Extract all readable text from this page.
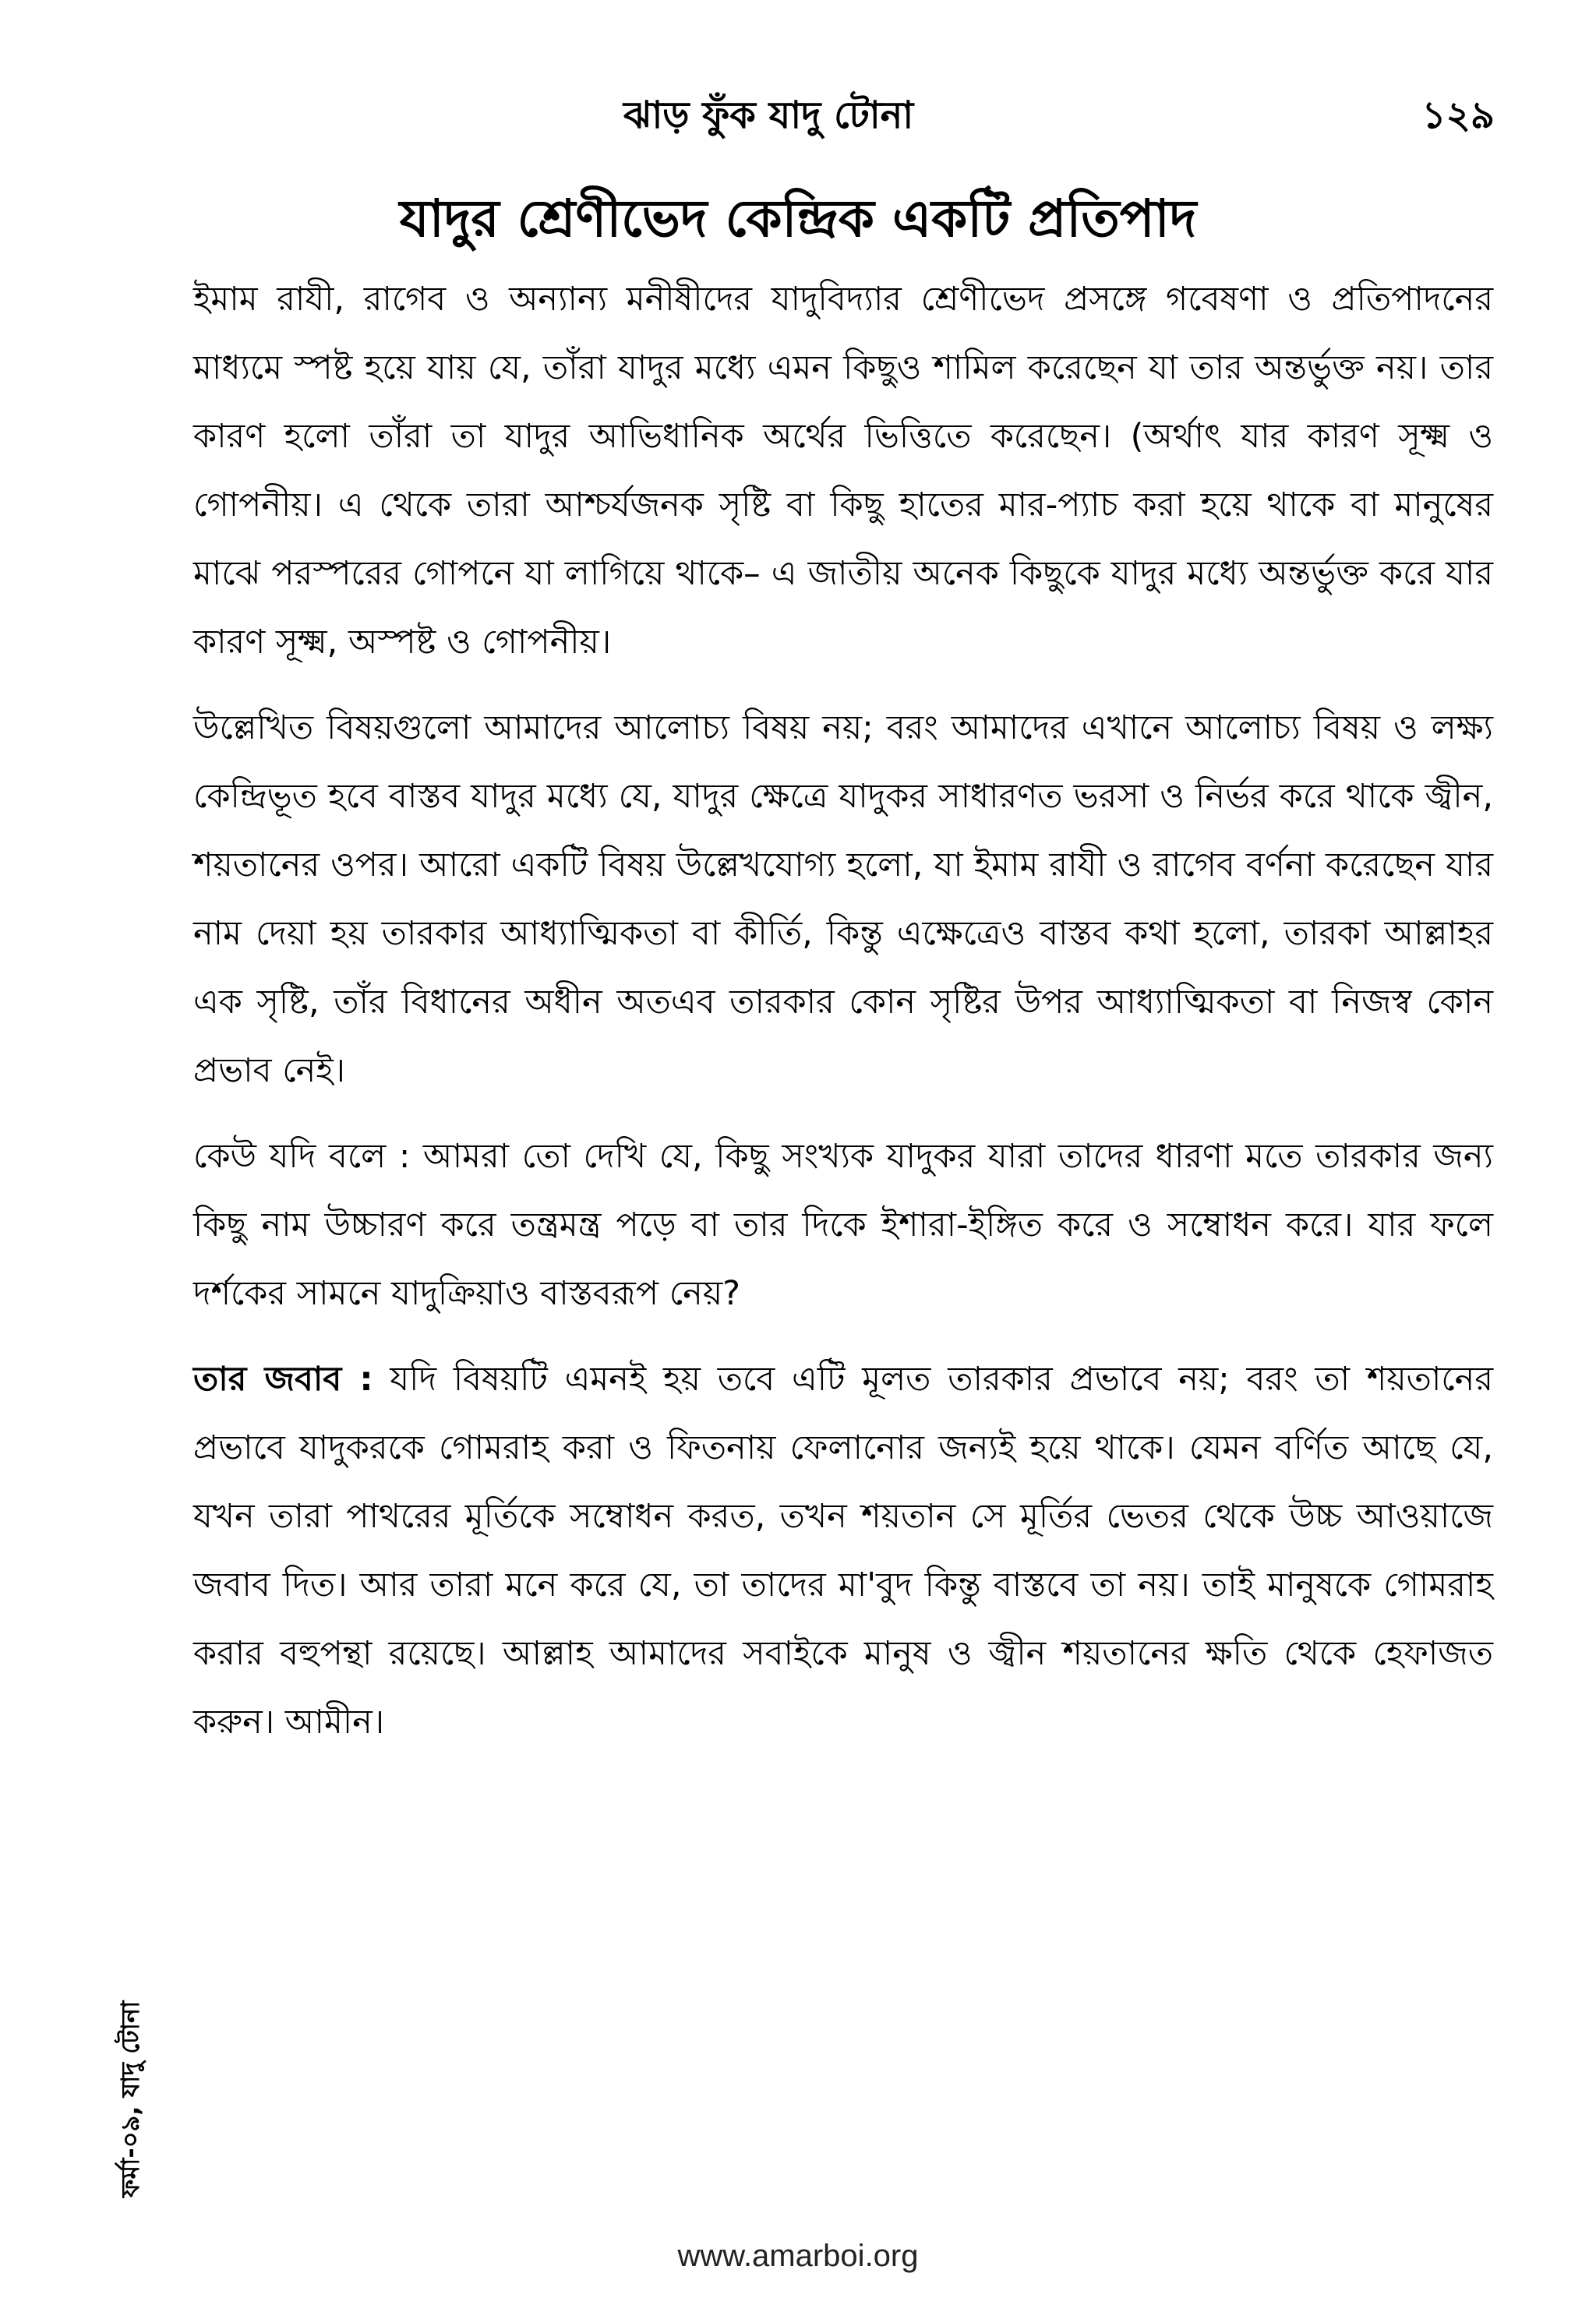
ঝাড় ফুঁক যাদু টোনা	১২৯
যাদুর শ্রেণীভেদ কেন্দ্রিক একটি প্রতিপাদ

ইমাম রাযী, রাগেব ও অন্যান্য মনীষীদের যাদুবিদ্যার শ্রেণীভেদ প্রসঙ্গে গবেষণা ও প্রতিপাদনের মাধ্যমে স্পষ্ট হয়ে যায় যে, তাঁরা যাদুর মধ্যে এমন কিছুও শামিল করেছেন যা তার অন্তর্ভুক্ত নয়। তার কারণ হলো তাঁরা তা যাদুর আভিধানিক অর্থের ভিত্তিতে করেছেন। (অর্থাৎ যার কারণ সূক্ষ্ম ও গোপনীয়। এ থেকে তারা আশ্চর্যজনক সৃষ্টি বা কিছু হাতের মার-প্যাচ করা হয়ে থাকে বা মানুষের মাঝে পরস্পরের গোপনে যা লাগিয়ে থাকে– এ জাতীয় অনেক কিছুকে যাদুর মধ্যে অন্তর্ভুক্ত করে যার কারণ সূক্ষ্ম, অস্পষ্ট ও গোপনীয়।

উল্লেখিত বিষয়গুলো আমাদের আলোচ্য বিষয় নয়; বরং আমাদের এখানে আলোচ্য বিষয় ও লক্ষ্য কেন্দ্রিভূত হবে বাস্তব যাদুর মধ্যে যে, যাদুর ক্ষেত্রে যাদুকর সাধারণত ভরসা ও নির্ভর করে থাকে জ্বীন, শয়তানের ওপর। আরো একটি বিষয় উল্লেখযোগ্য হলো, যা ইমাম রাযী ও রাগেব বর্ণনা করেছেন যার নাম দেয়া হয় তারকার আধ্যাত্মিকতা বা কীর্তি, কিন্তু এক্ষেত্রেও বাস্তব কথা হলো, তারকা আল্লাহর এক সৃষ্টি, তাঁর বিধানের অধীন অতএব তারকার কোন সৃষ্টির উপর আধ্যাত্মিকতা বা নিজস্ব কোন প্রভাব নেই।

কেউ যদি বলে : আমরা তো দেখি যে, কিছু সংখ্যক যাদুকর যারা তাদের ধারণা মতে তারকার জন্য কিছু নাম উচ্চারণ করে তন্ত্রমন্ত্র পড়ে বা তার দিকে ইশারা-ইঙ্গিত করে ও সম্বোধন করে। যার ফলে দর্শকের সামনে যাদুক্রিয়াও বাস্তবরূপ নেয়?

তার জবাব : যদি বিষয়টি এমনই হয় তবে এটি মূলত তারকার প্রভাবে নয়; বরং তা শয়তানের প্রভাবে যাদুকরকে গোমরাহ করা ও ফিতনায় ফেলানোর জন্যই হয়ে থাকে। যেমন বর্ণিত আছে যে, যখন তারা পাথরের মূর্তিকে সম্বোধন করত, তখন শয়তান সে মূর্তির ভেতর থেকে উচ্চ আওয়াজে জবাব দিত। আর তারা মনে করে যে, তা তাদের মা'বুদ কিন্তু বাস্তবে তা নয়। তাই মানুষকে গোমরাহ করার বহুপন্থা রয়েছে। আল্লাহ আমাদের সবাইকে মানুষ ও জ্বীন শয়তানের ক্ষতি থেকে হেফাজত করুন। আমীন।

ফর্মা-০৯, যাদু টোনা
www.amarboi.org
